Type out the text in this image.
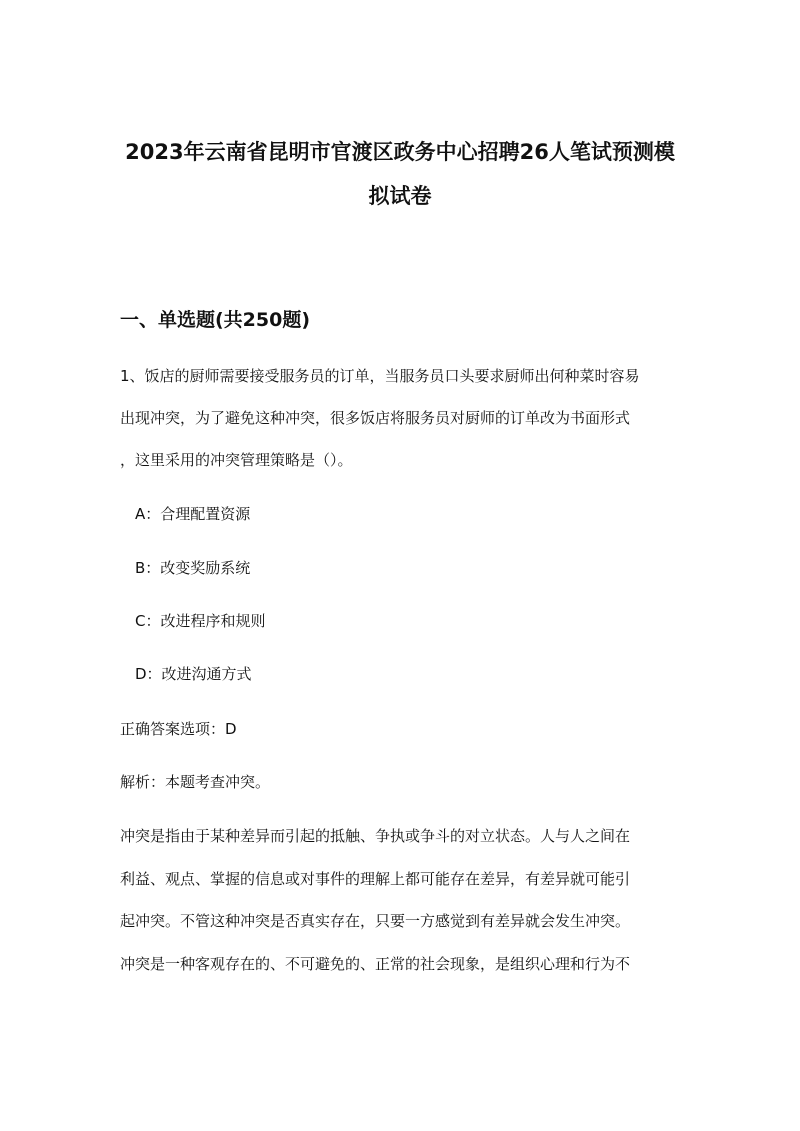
2023年云南省昆明市官渡区政务中心招聘26人笔试预测模
拟试卷
一、单选题(共250题)

1、饭店的厨师需要接受服务员的订单，当服务员口头要求厨师出何种菜时容易

出现冲突，为了避免这种冲突，很多饭店将服务员对厨师的订单改为书面形式

，这里采用的冲突管理策略是（）。

A：合理配置资源

B：改变奖励系统

C：改进程序和规则

D：改进沟通方式

正确答案选项：D

解析：本题考查冲突。

冲突是指由于某种差异而引起的抵触、争执或争斗的对立状态。人与人之间在

利益、观点、掌握的信息或对事件的理解上都可能存在差异，有差异就可能引

起冲突。不管这种冲突是否真实存在，只要一方感觉到有差异就会发生冲突。

冲突是一种客观存在的、不可避免的、正常的社会现象，是组织心理和行为不
